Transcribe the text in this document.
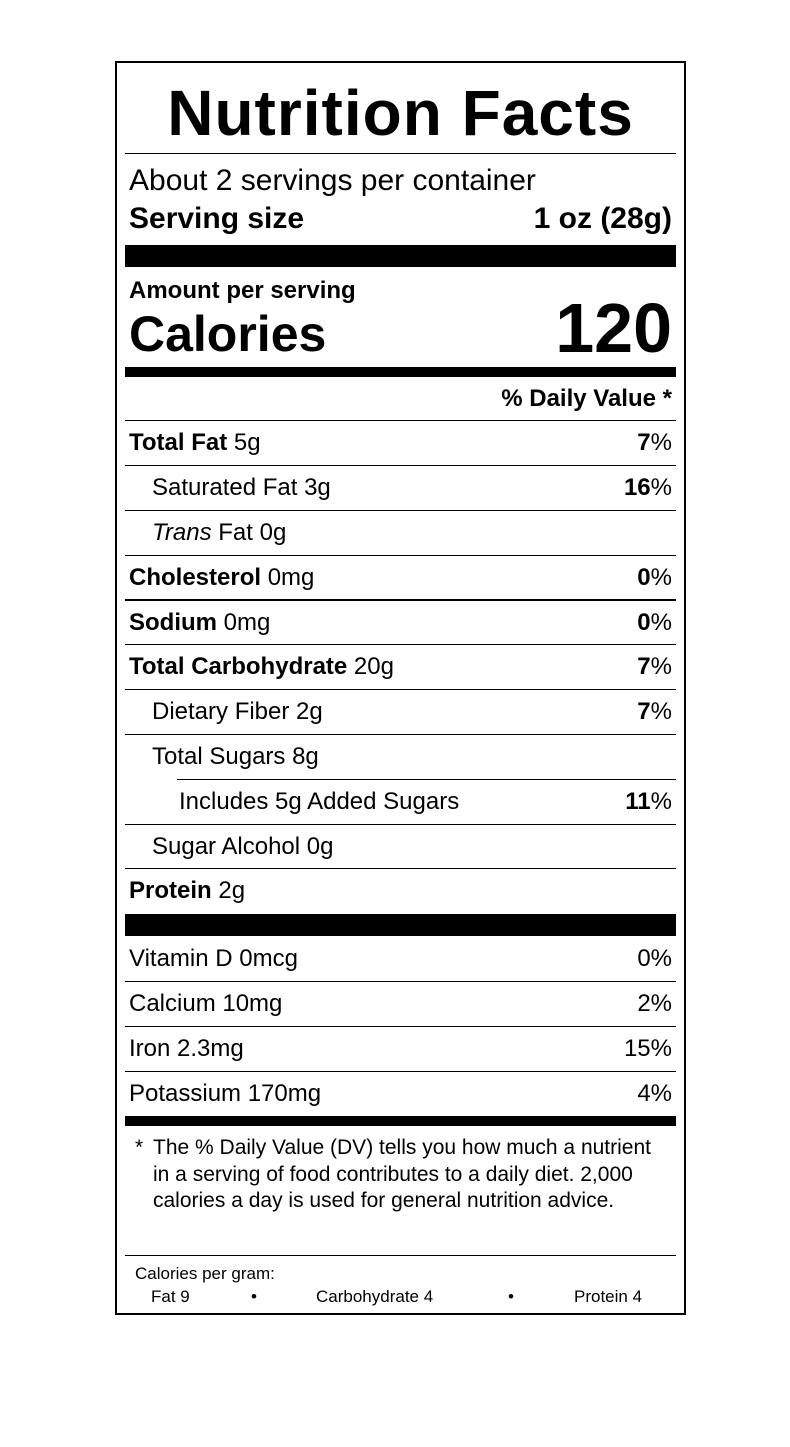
Nutrition Facts
About 2 servings per container
Serving size	1 oz (28g)
Amount per serving
Calories	120
% Daily Value *
Total Fat 5g	7%
Saturated Fat 3g	16%
Trans Fat 0g
Cholesterol 0mg	0%
Sodium 0mg	0%
Total Carbohydrate 20g	7%
Dietary Fiber 2g	7%
Total Sugars 8g
Includes 5g Added Sugars	11%
Sugar Alcohol 0g
Protein 2g
Vitamin D 0mcg	0%
Calcium 10mg	2%
Iron 2.3mg	15%
Potassium 170mg	4%
* The % Daily Value (DV) tells you how much a nutrient in a serving of food contributes to a daily diet. 2,000 calories a day is used for general nutrition advice.
Calories per gram:
Fat 9	•	Carbohydrate 4	•	Protein 4
